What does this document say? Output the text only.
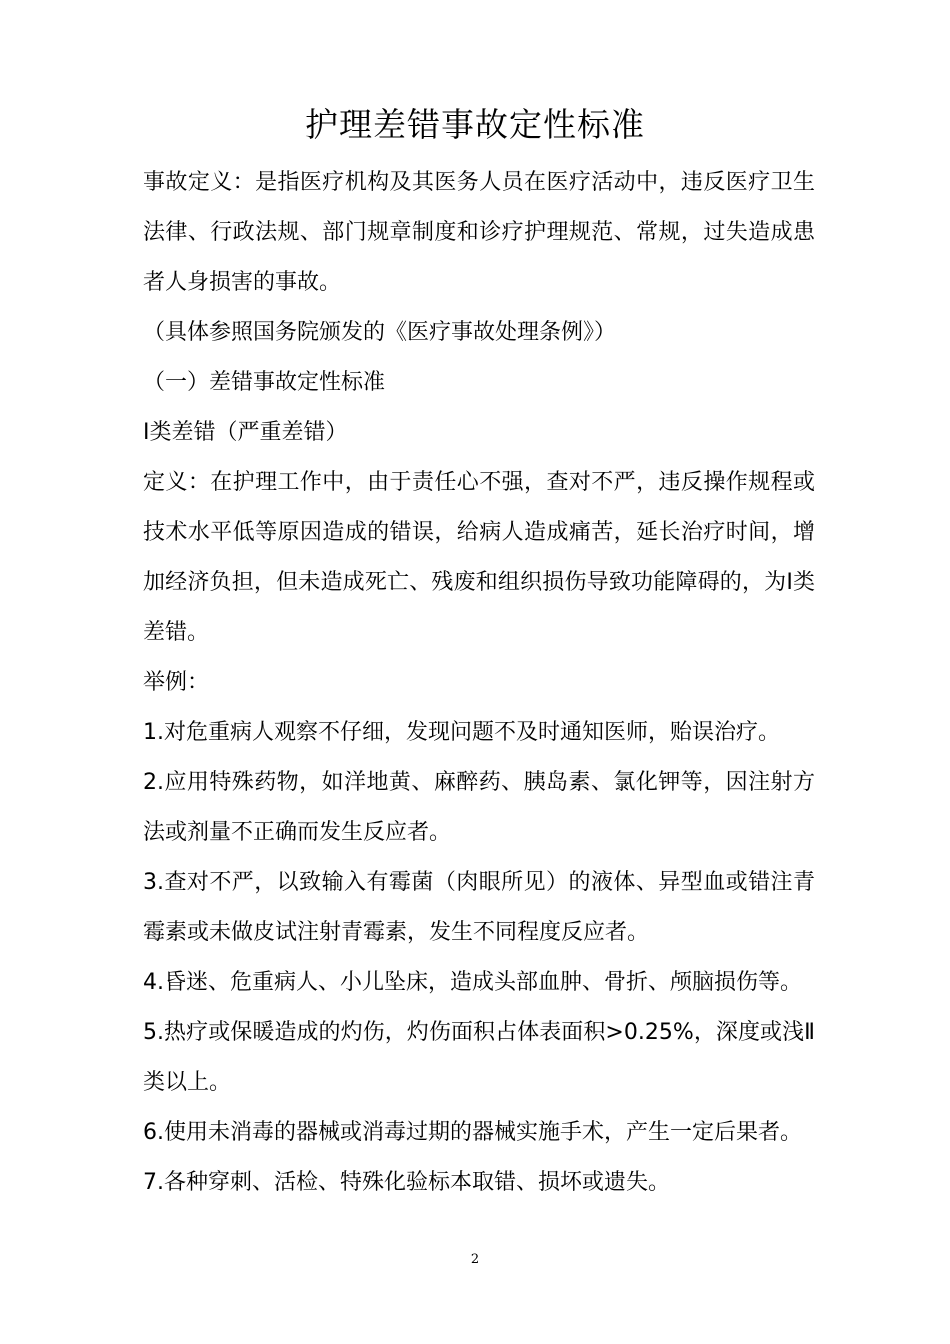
护理差错事故定性标准

事故定义：是指医疗机构及其医务人员在医疗活动中，违反医疗卫生法律、行政法规、部门规章制度和诊疗护理规范、常规，过失造成患者人身损害的事故。

（具体参照国务院颁发的《医疗事故处理条例》）

（一）差错事故定性标准

Ⅰ类差错（严重差错）

定义：在护理工作中，由于责任心不强，查对不严，违反操作规程或技术水平低等原因造成的错误，给病人造成痛苦，延长治疗时间，增加经济负担，但未造成死亡、残废和组织损伤导致功能障碍的，为Ⅰ类差错。

举例：

1.对危重病人观察不仔细，发现问题不及时通知医师，贻误治疗。

2.应用特殊药物，如洋地黄、麻醉药、胰岛素、氯化钾等，因注射方法或剂量不正确而发生反应者。

3.查对不严，以致输入有霉菌（肉眼所见）的液体、异型血或错注青霉素或未做皮试注射青霉素，发生不同程度反应者。

4.昏迷、危重病人、小儿坠床，造成头部血肿、骨折、颅脑损伤等。

5.热疗或保暖造成的灼伤，灼伤面积占体表面积>0.25%，深度或浅Ⅱ类以上。

6.使用未消毒的器械或消毒过期的器械实施手术，产生一定后果者。

7.各种穿刺、活检、特殊化验标本取错、损坏或遗失。

2
